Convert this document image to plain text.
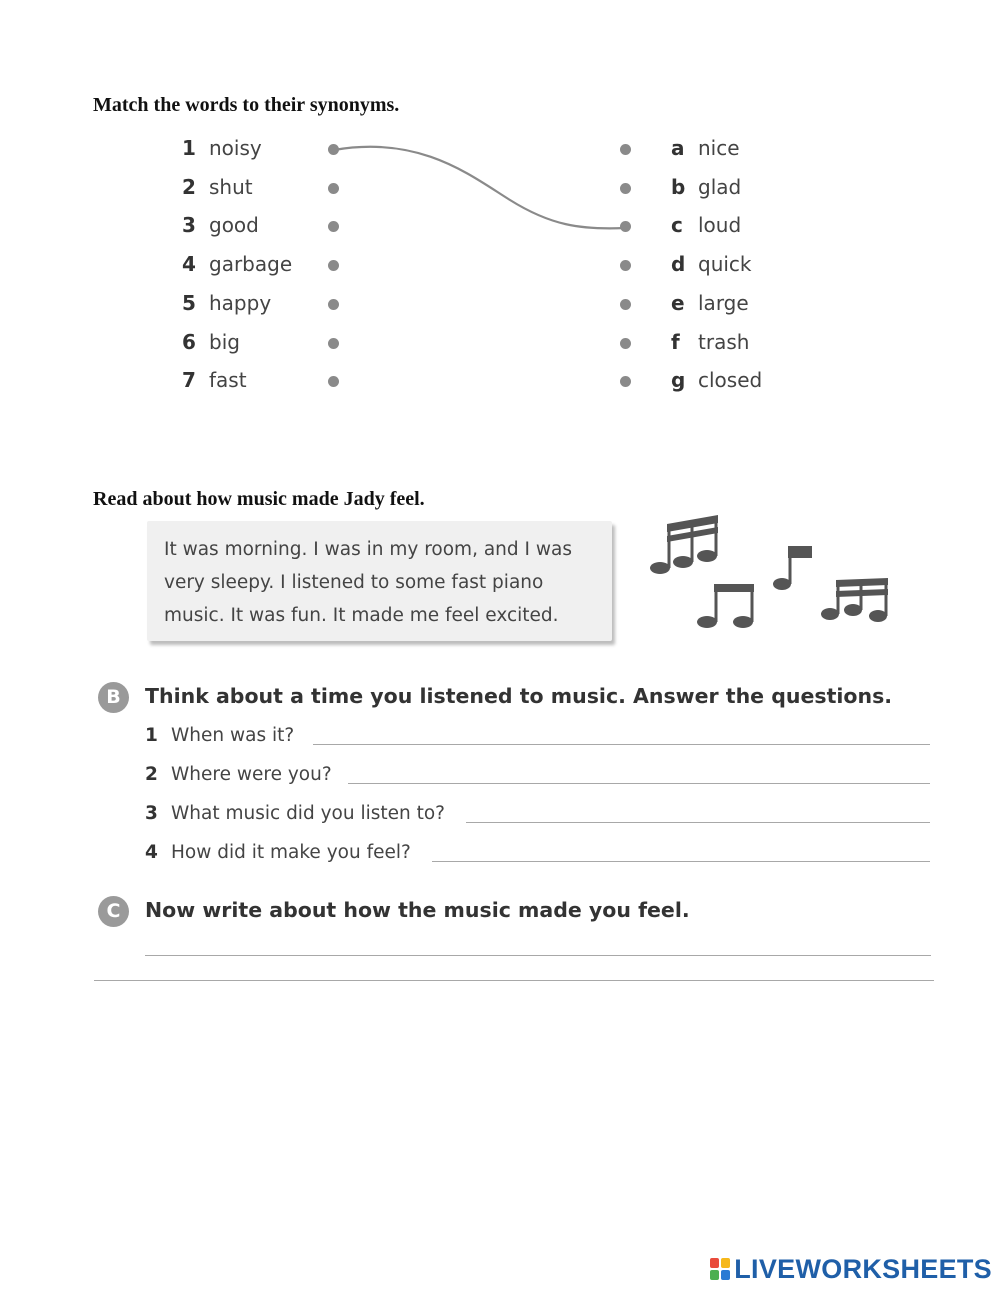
Match the words to their synonyms.
1 noisy	a nice
2 shut	b glad
3 good	c loud
4 garbage	d quick
5 happy	e large
6 big	f trash
7 fast	g closed
Read about how music made Jady feel.
It was morning. I was in my room, and I was
very sleepy. I listened to some fast piano
music. It was fun. It made me feel excited.
B	Think about a time you listened to music. Answer the questions.
1 When was it?
2 Where were you?
3 What music did you listen to?
4 How did it make you feel?
C	Now write about how the music made you feel.
LIVEWORKSHEETS
